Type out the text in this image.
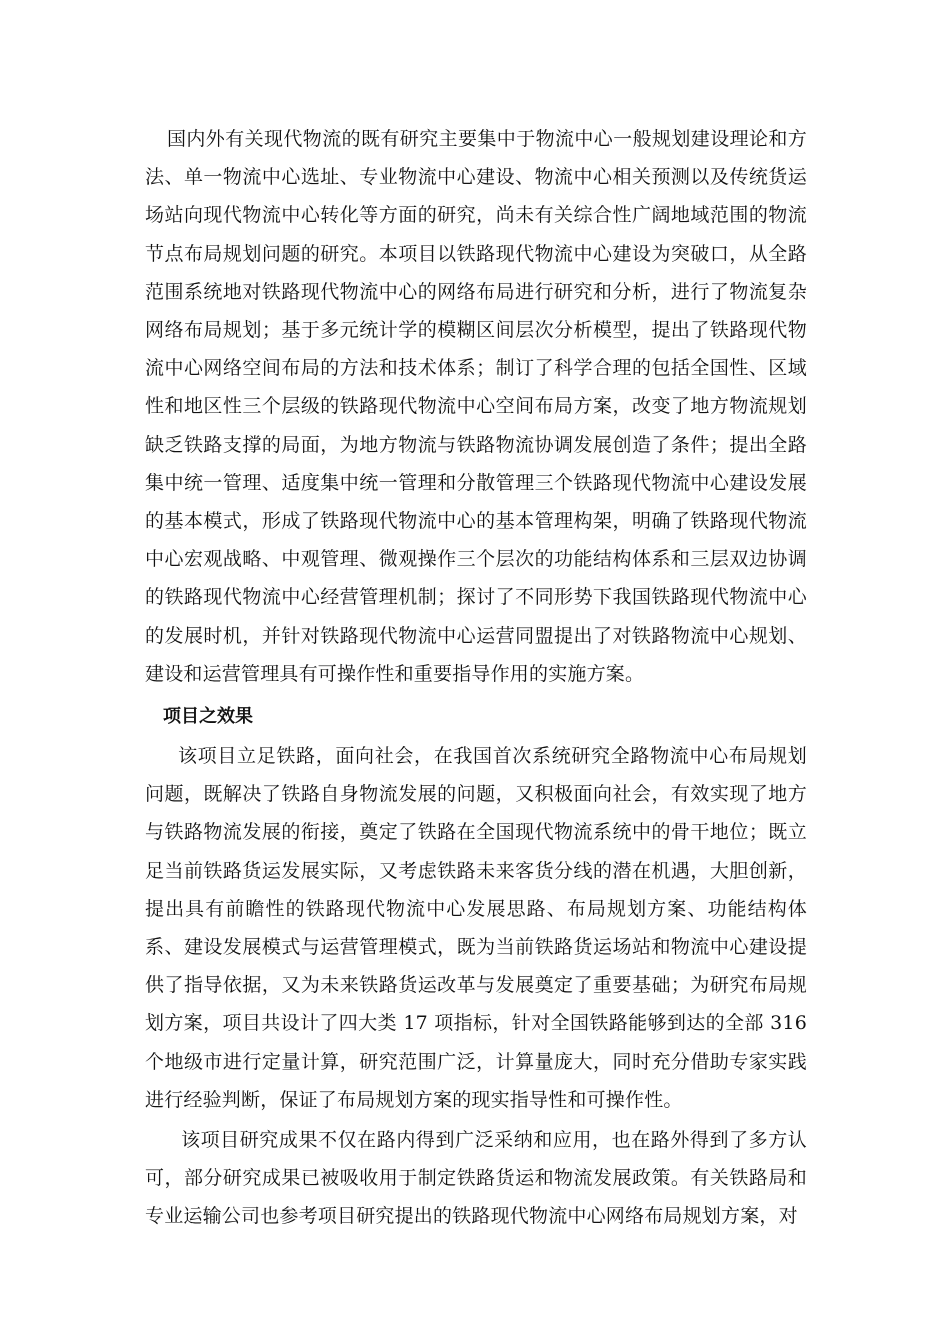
国内外有关现代物流的既有研究主要集中于物流中心一般规划建设理论和方法、单一物流中心选址、专业物流中心建设、物流中心相关预测以及传统货运场站向现代物流中心转化等方面的研究，尚未有关综合性广阔地域范围的物流节点布局规划问题的研究。本项目以铁路现代物流中心建设为突破口，从全路范围系统地对铁路现代物流中心的网络布局进行研究和分析，进行了物流复杂网络布局规划；基于多元统计学的模糊区间层次分析模型，提出了铁路现代物流中心网络空间布局的方法和技术体系；制订了科学合理的包括全国性、区域性和地区性三个层级的铁路现代物流中心空间布局方案，改变了地方物流规划缺乏铁路支撑的局面，为地方物流与铁路物流协调发展创造了条件；提出全路集中统一管理、适度集中统一管理和分散管理三个铁路现代物流中心建设发展的基本模式，形成了铁路现代物流中心的基本管理构架，明确了铁路现代物流中心宏观战略、中观管理、微观操作三个层次的功能结构体系和三层双边协调的铁路现代物流中心经营管理机制；探讨了不同形势下我国铁路现代物流中心的发展时机，并针对铁路现代物流中心运营同盟提出了对铁路物流中心规划、建设和运营管理具有可操作性和重要指导作用的实施方案。

项目之效果

该项目立足铁路，面向社会，在我国首次系统研究全路物流中心布局规划问题，既解决了铁路自身物流发展的问题，又积极面向社会，有效实现了地方与铁路物流发展的衔接，奠定了铁路在全国现代物流系统中的骨干地位；既立足当前铁路货运发展实际，又考虑铁路未来客货分线的潜在机遇，大胆创新，提出具有前瞻性的铁路现代物流中心发展思路、布局规划方案、功能结构体系、建设发展模式与运营管理模式，既为当前铁路货运场站和物流中心建设提供了指导依据，又为未来铁路货运改革与发展奠定了重要基础；为研究布局规划方案，项目共设计了四大类 17 项指标，针对全国铁路能够到达的全部 316 个地级市进行定量计算，研究范围广泛，计算量庞大，同时充分借助专家实践进行经验判断，保证了布局规划方案的现实指导性和可操作性。

该项目研究成果不仅在路内得到广泛采纳和应用，也在路外得到了多方认可，部分研究成果已被吸收用于制定铁路货运和物流发展政策。有关铁路局和专业运输公司也参考项目研究提出的铁路现代物流中心网络布局规划方案，对
